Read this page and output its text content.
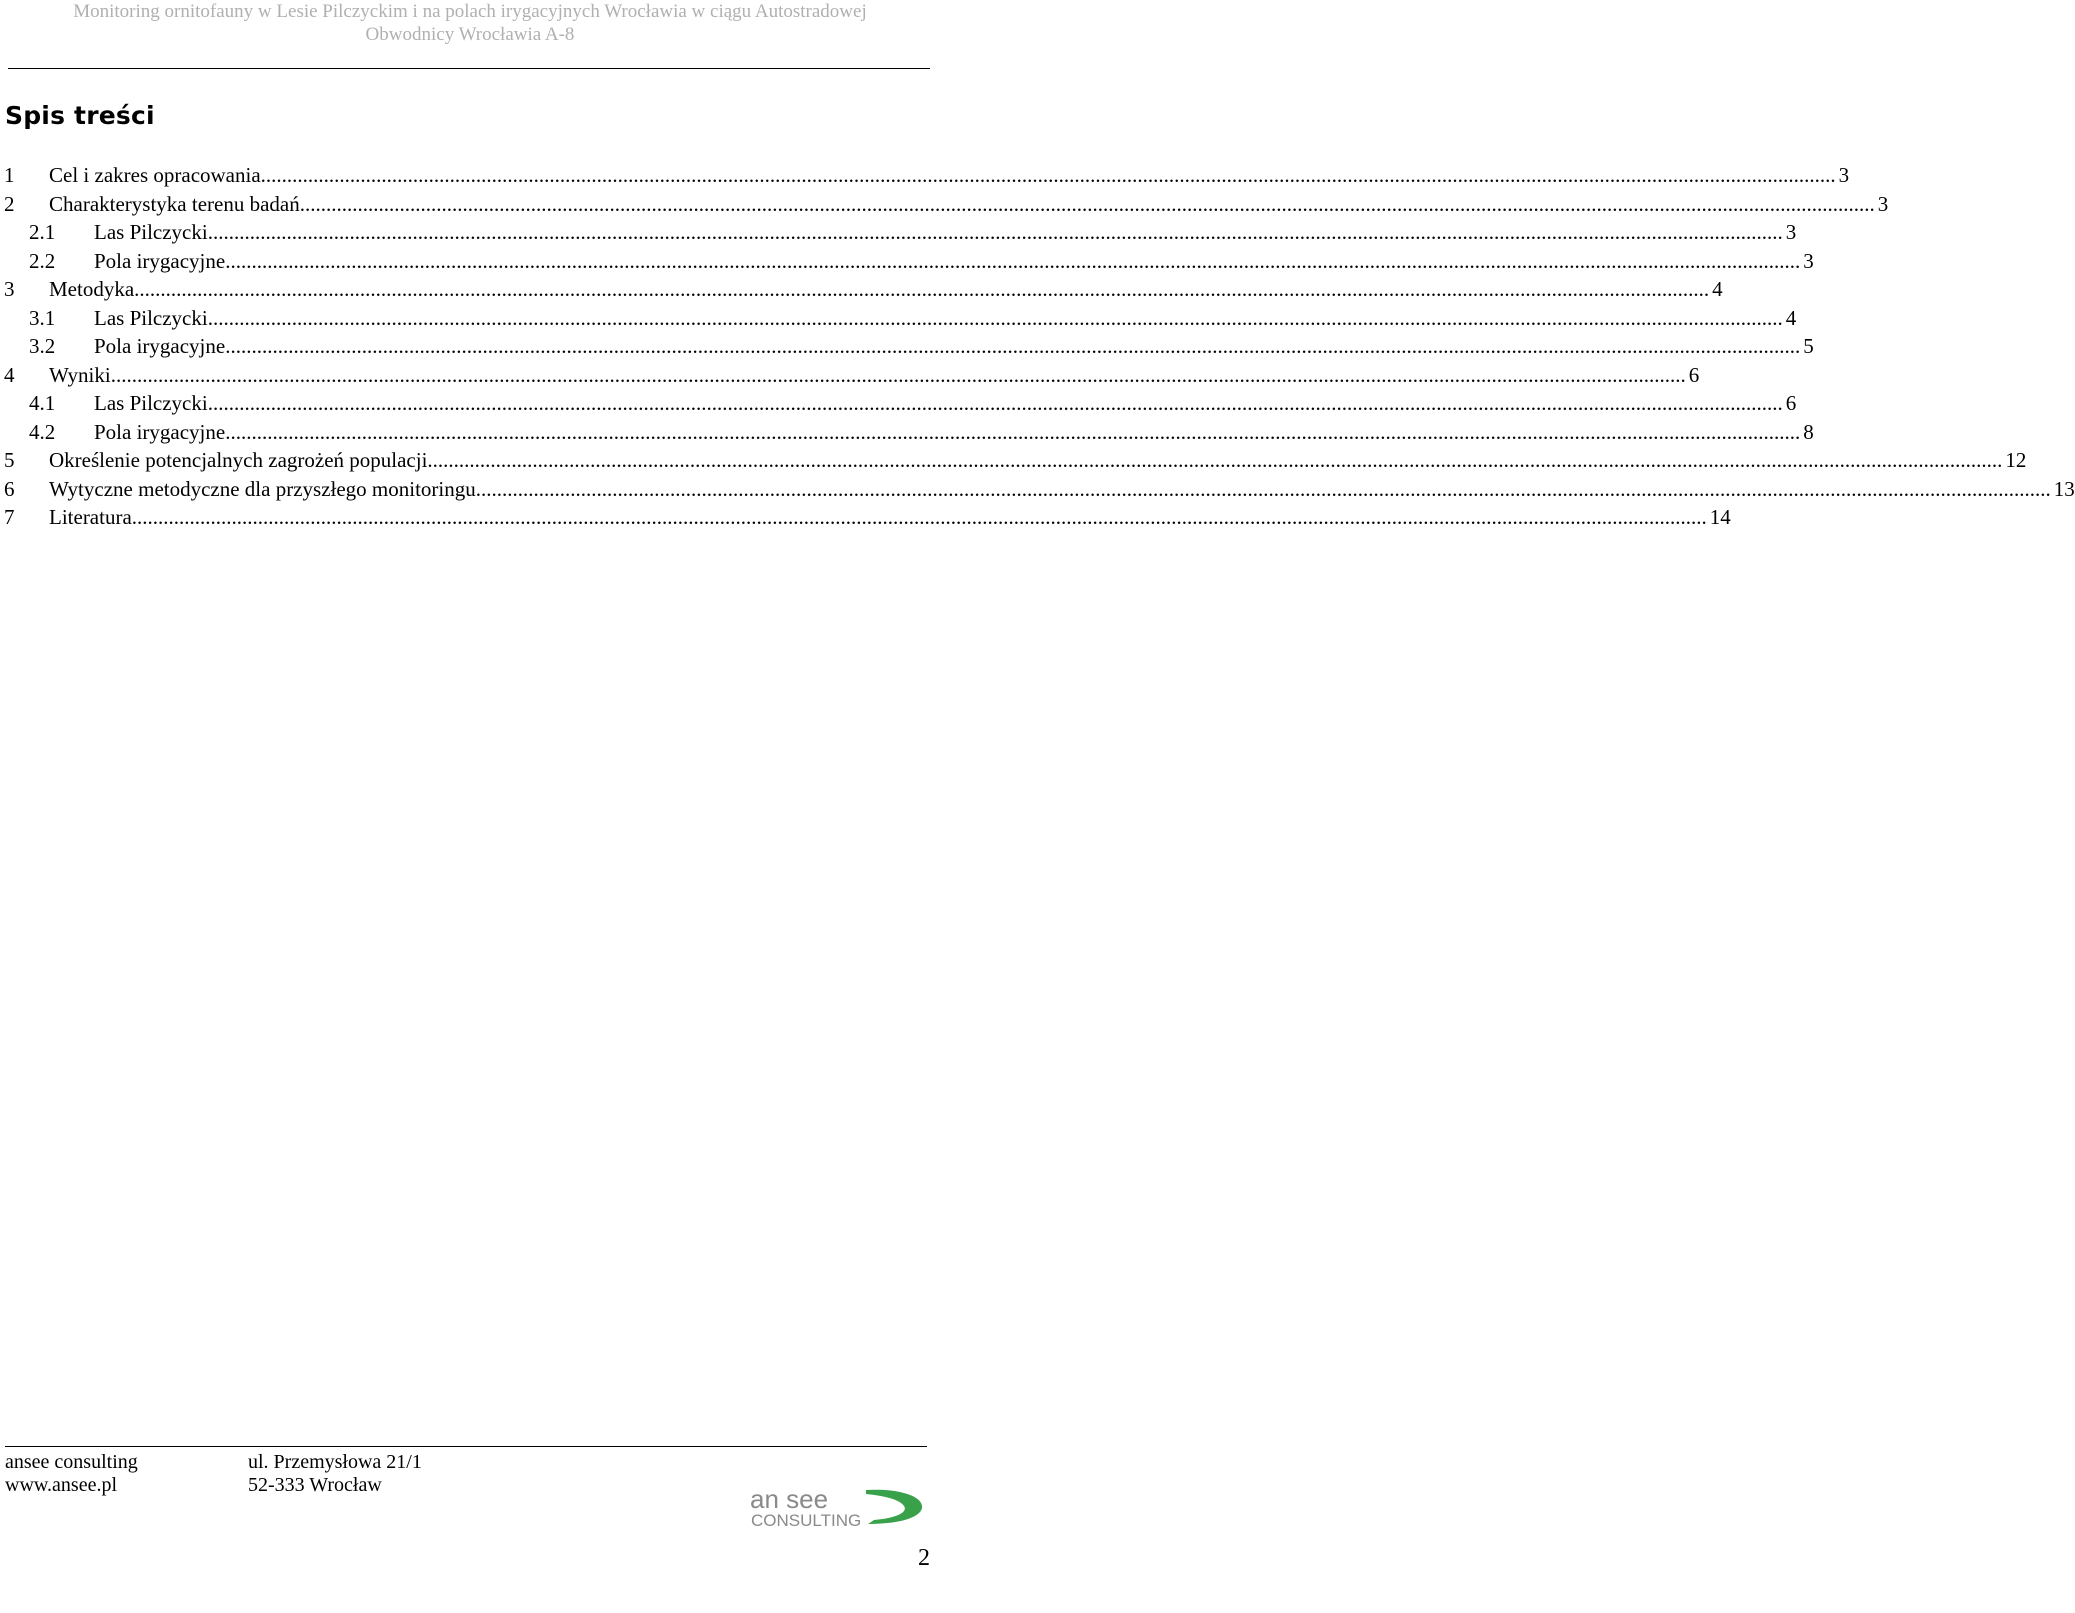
Monitoring ornitofauny w Lesie Pilczyckim i na polach irygacyjnych Wrocławia w ciągu Autostradowej
Obwodnicy Wrocławia A-8
Spis treści
1 Cel i zakres opracowania ............................................................................................................................................................................................................................................................................................................ 3
2 Charakterystyka terenu badań ............................................................................................................................................................................................................................................................................................................ 3
2.1 Las Pilczycki ............................................................................................................................................................................................................................................................................................................ 3
2.2 Pola irygacyjne ............................................................................................................................................................................................................................................................................................................ 3
3 Metodyka ............................................................................................................................................................................................................................................................................................................ 4
3.1 Las Pilczycki ............................................................................................................................................................................................................................................................................................................ 4
3.2 Pola irygacyjne ............................................................................................................................................................................................................................................................................................................ 5
4 Wyniki ............................................................................................................................................................................................................................................................................................................ 6
4.1 Las Pilczycki ............................................................................................................................................................................................................................................................................................................ 6
4.2 Pola irygacyjne ............................................................................................................................................................................................................................................................................................................ 8
5 Określenie potencjalnych zagrożeń populacji ............................................................................................................................................................................................................................................................................................................ 12
6 Wytyczne metodyczne dla przyszłego monitoringu ............................................................................................................................................................................................................................................................................................................ 13
7 Literatura ............................................................................................................................................................................................................................................................................................................ 14
ansee consulting
www.ansee.pl
ul. Przemysłowa 21/1
52-333 Wrocław	an see
CONSULTING
2
